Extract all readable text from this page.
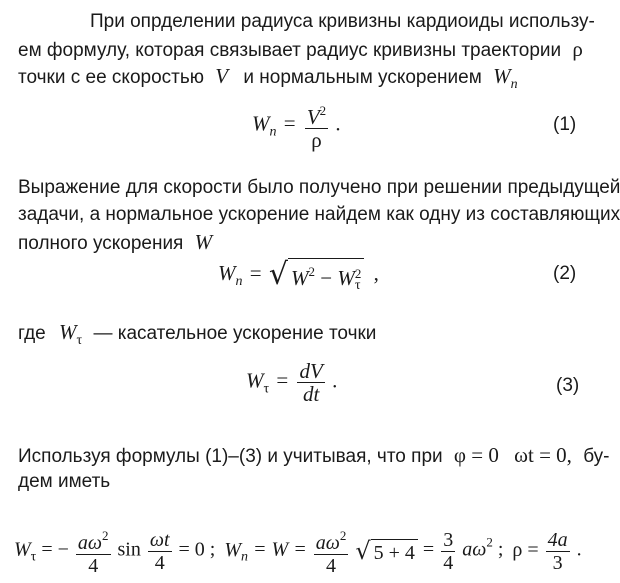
При опрделении радиуса кривизны кардиоиды использу-
ем формулу, которая связывает радиус кривизны траектории ρ
точки с ее скоростью V и нормальным ускорением $W_n$
$W_n = \frac{V^2}{\rho}$ .	(1)
Выражение для скорости было получено при решении предыдущей
задачи, а нормальное ускорение найдем как одну из составляющих
полного ускорения W
$W_n$ = √ $W^2 - W$ 2
τ
,	(2)
где $W_\tau$ — касательное ускорение точки
$W_\tau = \frac{dV}{dt}$ .	(3)
Используя формулы (1)–(3) и учитывая, что при φ = 0 ωt = 0, бу-
дем иметь
$W_\tau$ = − $\frac{a\omega^2}{4}$ $\sin \frac{\omega t}{4} = 0$ ; $W_n = W = \frac{a\omega^2}{4}$ √ $5 + 4 = \frac{3}{4} a\omega^2$ ; $\rho = \frac{4a}{3}$ .
